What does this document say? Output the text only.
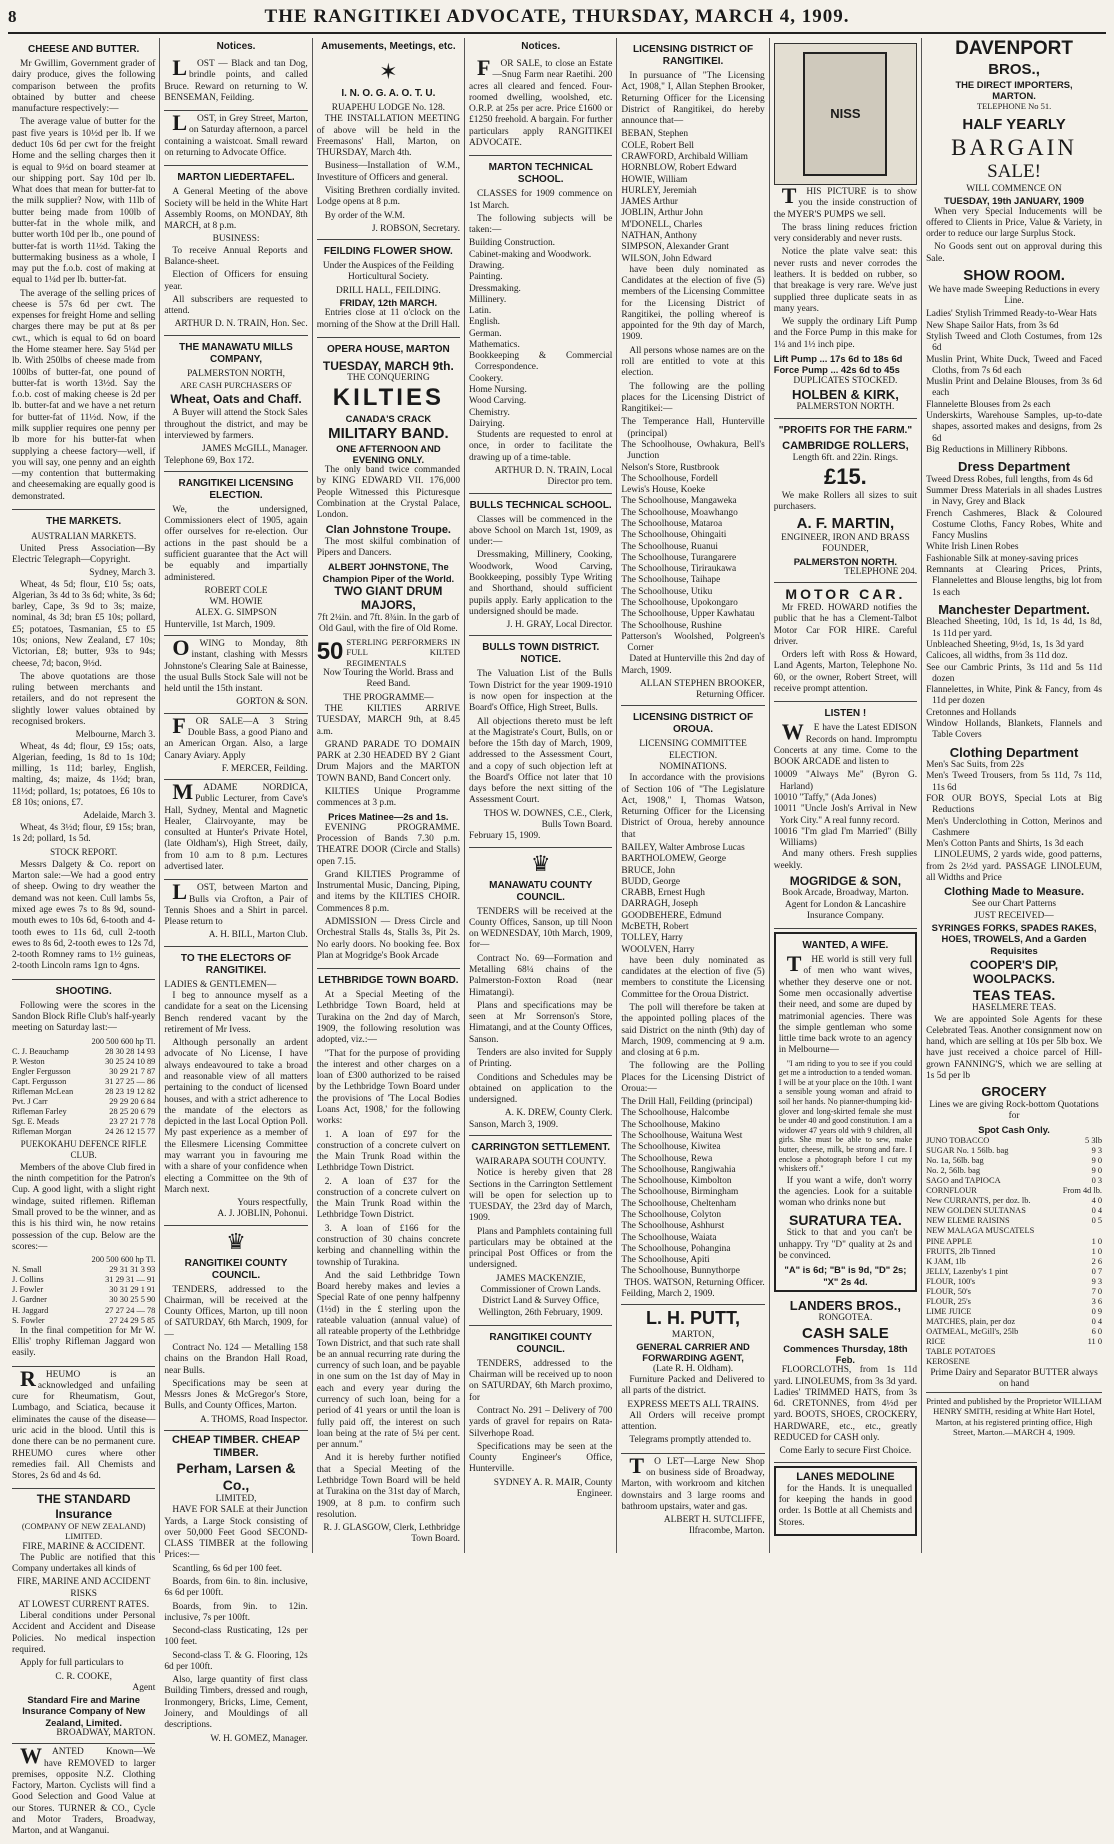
8	THE RANGITIKEI ADVOCATE, THURSDAY, MARCH 4, 1909.
CHEESE AND BUTTER.

Mr Gwillim, Government grader of dairy produce, gives the following comparison between the profits obtained by butter and cheese manufacture respectively:—

The average value of butter for the past five years is 10½d per lb. If we deduct 10s 6d per cwt for the freight Home and the selling charges then it is equal to 9½d on board steamer at our shipping port. Say 10d per lb. What does that mean for butter-fat to the milk supplier? Now, with 11lb of butter being made from 100lb of butter-fat in the whole milk, and butter worth 10d per lb., one pound of butter-fat is worth 11½d. Taking the buttermaking business as a whole, I may put the f.o.b. cost of making at equal to 1¼d per lb. butter-fat.

The average of the selling prices of cheese is 57s 6d per cwt. The expenses for freight Home and selling charges there may be put at 8s per cwt., which is equal to 6d on board the Home steamer here. Say 5¼d per lb. With 250lbs of cheese made from 100lbs of butter-fat, one pound of butter-fat is worth 13½d. Say the f.o.b. cost of making cheese is 2d per lb. butter-fat and we have a net return for butter-fat of 11½d. Now, if the milk supplier requires one penny per lb more for his butter-fat when supplying a cheese factory—well, if you will say, one penny and an eighth—my contention that buttermaking and cheesemaking are equally good is demonstrated.

THE MARKETS.
AUSTRALIAN MARKETS.

United Press Association—By Electric Telegraph—Copyright.

Sydney, March 3.

Wheat, 4s 5d; flour, £10 5s; oats, Algerian, 3s 4d to 3s 6d; white, 3s 6d; barley, Cape, 3s 9d to 3s; maize, nominal, 4s 3d; bran £5 10s; pollard, £5; potatoes, Tasmanian, £5 to £5 10s; onions, New Zealand, £7 10s; Victorian, £8; butter, 93s to 94s; cheese, 7d; bacon, 9½d.

The above quotations are those ruling between merchants and retailers, and do not represent the slightly lower values obtained by recognised brokers.

Melbourne, March 3.

Wheat, 4s 4d; flour, £9 15s; oats, Algerian, feeding, 1s 8d to 1s 10d; milling, 1s 11d; barley, English, malting, 4s; maize, 4s 1½d; bran, 11½d; pollard, 1s; potatoes, £6 10s to £8 10s; onions, £7.

Adelaide, March 3.

Wheat, 4s 3½d; flour, £9 15s; bran, 1s 2d; pollard, 1s 5d.

STOCK REPORT.

Messrs Dalgety & Co. report on Marton sale:—We had a good entry of sheep. Owing to dry weather the demand was not keen. Cull lambs 5s, mixed age ewes 7s to 8s 9d, sound-mouth ewes to 10s 6d, 6-tooth and 4-tooth ewes to 11s 6d, cull 2-tooth ewes to 8s 6d, 2-tooth ewes to 12s 7d, 2-tooth Romney rams to 1½ guineas, 2-tooth Lincoln rams 1gn to 4gns.

SHOOTING.

Following were the scores in the Sandon Block Rifle Club's half-yearly meeting on Saturday last:—

200 500 600 hp Tl.
C. J. Beauchamp	28 30 28 14 93
P. Weston	30 25 24 10 89
Engler Fergusson	30 29 21 7 87
Capt. Fergusson	31 27 25 — 86
Rifleman McLean	28 23 19 12 82
Pvt. J Carr	29 29 20 6 84
Rifleman Farley	28 25 20 6 79
Sgt. E. Meads	23 27 21 7 78
Rifleman Morgan	24 26 12 15 77
PUEKOKAHU DEFENCE RIFLE CLUB.

Members of the above Club fired in the ninth competition for the Patron's Cup. A good light, with a slight right windage, suited riflemen. Rifleman Small proved to be the winner, and as this is his third win, he now retains possession of the cup. Below are the scores:—

200 500 600 hp Tl.
N. Small	29 31 31 3 93
J. Collins	31 29 31 — 91
J. Fowler	30 31 29 1 91
J. Gardner	30 30 25 5 90
H. Jaggard	27 27 24 — 78
S. Fowler	27 24 29 5 85

In the final competition for Mr W. Ellis' trophy Rifleman Jaggard won easily.

RHEUMO is an acknowledged and unfailing cure for Rheumatism, Gout, Lumbago, and Sciatica, because it eliminates the cause of the disease—uric acid in the blood. Until this is done there can be no permanent cure. RHEUMO cures where other remedies fail. All Chemists and Stores, 2s 6d and 4s 6d.

THE STANDARD Insurance
(COMPANY OF NEW ZEALAND) LIMITED.
FIRE, MARINE & ACCIDENT.

The Public are notified that this Company undertakes all kinds of

FIRE, MARINE AND ACCIDENT RISKS
AT LOWEST CURRENT RATES.

Liberal conditions under Personal Accident and Accident and Disease Policies. No medical inspection required.

Apply for full particulars to

C. R. COOKE,
Agent
Standard Fire and Marine Insurance Company of New Zealand, Limited.
BROADWAY, MARTON.

WANTED Known—We have REMOVED to larger premises, opposite N.Z. Clothing Factory, Marton. Cyclists will find a Good Selection and Good Value at our Stores. TURNER & CO., Cycle and Motor Traders, Broadway, Marton, and at Wanganui.

Notices.

LOST — Black and tan Dog, brindle points, and called Bruce. Reward on returning to W. BENSEMAN, Feilding.

LOST, in Grey Street, Marton, on Saturday afternoon, a parcel containing a waistcoat. Small reward on returning to Advocate Office.

MARTON LIEDERTAFEL.

A General Meeting of the above Society will be held in the White Hart Assembly Rooms, on MONDAY, 8th MARCH, at 8 p.m.

BUSINESS:

To receive Annual Reports and Balance-sheet.

Election of Officers for ensuing year.

All subscribers are requested to attend.

ARTHUR D. N. TRAIN, Hon. Sec.
THE MANAWATU MILLS COMPANY,
PALMERSTON NORTH,
ARE CASH PURCHASERS OF
Wheat, Oats and Chaff.

A Buyer will attend the Stock Sales throughout the district, and may be interviewed by farmers.

JAMES McGILL, Manager.
Telephone 69, Box 172.
RANGITIKEI LICENSING ELECTION.

We, the undersigned, Commissioners elect of 1905, again offer ourselves for re-election. Our actions in the past should be a sufficient guarantee that the Act will be equably and impartially administered.

ROBERT COLE
WM. HOWIE
ALEX. G. SIMPSON
Hunterville, 1st March, 1909.

OWING to Monday, 8th instant, clashing with Messrs Johnstone's Clearing Sale at Bainesse, the usual Bulls Stock Sale will not be held until the 15th instant.

GORTON & SON.

FOR SALE—A 3 String Double Bass, a good Piano and an American Organ. Also, a large Canary Aviary. Apply

F. MERCER, Feilding.

MADAME NORDICA, Public Lecturer, from Cave's Hall, Sydney, Mental and Magnetic Healer, Clairvoyante, may be consulted at Hunter's Private Hotel, (late Oldham's), High Street, daily, from 10 a.m to 8 p.m. Lectures advertised later.

LOST, between Marton and Bulls via Crofton, a Pair of Tennis Shoes and a Shirt in parcel. Please return to

A. H. BILL, Marton Club.
TO THE ELECTORS OF RANGITIKEI.
LADIES & GENTLEMEN—

I beg to announce myself as a candidate for a seat on the Licensing Bench rendered vacant by the retirement of Mr Ivess.

Although personally an ardent advocate of No License, I have always endeavoured to take a broad and reasonable view of all matters pertaining to the conduct of licensed houses, and with a strict adherence to the mandate of the electors as depicted in the last Local Option Poll. My past experience as a member of the Ellesmere Licensing Committee may warrant you in favouring me with a share of your confidence when electing a Committee on the 9th of March next.

Yours respectfully,
A. J. JOBLIN, Pohonui.
♛
RANGITIKEI COUNTY COUNCIL.

TENDERS, addressed to the Chairman, will be received at the County Offices, Marton, up till noon of SATURDAY, 6th March, 1909, for—

Contract No. 124 — Metalling 158 chains on the Brandon Hall Road, near Bulls.

Specifications may be seen at Messrs Jones & McGregor's Store, Bulls, and County Offices, Marton.

A. THOMS, Road Inspector.
CHEAP TIMBER. CHEAP TIMBER.
Perham, Larsen & Co.,
LIMITED,

HAVE FOR SALE at their Junction Yards, a Large Stock consisting of over 50,000 Feet Good SECOND-CLASS TIMBER at the following Prices:—

Scantling, 6s 6d per 100 feet.

Boards, from 6in. to 8in. inclusive, 6s 6d per 100ft.

Boards, from 9in. to 12in. inclusive, 7s per 100ft.

Second-class Rusticating, 12s per 100 feet.

Second-class T. & G. Flooring, 12s 6d per 100ft.

Also, large quantity of first class Building Timbers, dressed and rough, Ironmongery, Bricks, Lime, Cement, Joinery, and Mouldings of all descriptions.

W. H. GOMEZ, Manager.
Amusements, Meetings, etc.
✶
I. N. O. G. A. O. T. U.
RUAPEHU LODGE No. 128.

THE INSTALLATION MEETING of above will be held in the Freemasons' Hall, Marton, on THURSDAY, March 4th.

Business—Installation of W.M., Investiture of Officers and general.

Visiting Brethren cordially invited. Lodge opens at 8 p.m.

By order of the W.M.

J. ROBSON, Secretary.
FEILDING FLOWER SHOW.

Under the Auspices of the Feilding Horticultural Society.

DRILL HALL, FEILDING.
FRIDAY, 12th MARCH.

Entries close at 11 o'clock on the morning of the Show at the Drill Hall.

OPERA HOUSE, MARTON
TUESDAY, MARCH 9th.
THE CONQUERING
KILTIES
CANADA'S CRACK
MILITARY BAND.
ONE AFTERNOON AND EVENING ONLY.

The only band twice commanded by KING EDWARD VII. 176,000 People Witnessed this Picturesque Combination at the Crystal Palace, London.

Clan Johnstone Troupe.

The most skilful combination of Pipers and Dancers.

ALBERT JOHNSTONE, The Champion Piper of the World.
TWO GIANT DRUM MAJORS,

7ft 2¼in. and 7ft. 8¾in. In the garb of Old Gaul, with the fire of Old Rome.

50 STERLING PERFORMERS IN FULL KILTED REGIMENTALS

Now Touring the World. Brass and Reed Band.

THE PROGRAMME—

THE KILTIES ARRIVE TUESDAY, MARCH 9th, at 8.45 a.m.

GRAND PARADE TO DOMAIN PARK at 2.30 HEADED BY 2 Giant Drum Majors and the MARTON TOWN BAND, Band Concert only.

KILTIES Unique Programme commences at 3 p.m.

Prices Matinee—2s and 1s.

EVENING PROGRAMME. Procession of Bands 7.30 p.m. THEATRE DOOR (Circle and Stalls) open 7.15.

Grand KILTIES Programme of Instrumental Music, Dancing, Piping, and items by the KILTIES CHOIR. Commences 8 p.m.

ADMISSION — Dress Circle and Orchestral Stalls 4s, Stalls 3s, Pit 2s. No early doors. No booking fee. Box Plan at Mogridge's Book Arcade

LETHBRIDGE TOWN BOARD.

At a Special Meeting of the Lethbridge Town Board, held at Turakina on the 2nd day of March, 1909, the following resolution was adopted, viz.:—

"That for the purpose of providing the interest and other charges on a loan of £300 authorized to be raised by the Lethbridge Town Board under the provisions of 'The Local Bodies Loans Act, 1908,' for the following works:

1. A loan of £97 for the construction of a concrete culvert on the Main Trunk Road within the Lethbridge Town District.

2. A loan of £37 for the construction of a concrete culvert on the Main Trunk Road within the Lethbridge Town District.

3. A loan of £166 for the construction of 30 chains concrete kerbing and channelling within the township of Turakina.

And the said Lethbridge Town Board hereby makes and levies a Special Rate of one penny halfpenny (1½d) in the £ sterling upon the rateable valuation (annual value) of all rateable property of the Lethbridge Town District, and that such rate shall be an annual recurring rate during the currency of such loan, and be payable in one sum on the 1st day of May in each and every year during the currency of such loan, being for a period of 41 years or until the loan is fully paid off, the interest on such loan being at the rate of 5¼ per cent. per annum."

And it is hereby further notified that a Special Meeting of the Lethbridge Town Board will be held at Turakina on the 31st day of March, 1909, at 8 p.m. to confirm such resolution.

R. J. GLASGOW, Clerk, Lethbridge Town Board.
Notices.

FOR SALE, to close an Estate—Snug Farm near Raetihi. 200 acres all cleared and fenced. Four-roomed dwelling, woolshed, etc. O.R.P. at 25s per acre. Price £1600 or £1250 freehold. A bargain. For further particulars apply RANGITIKEI ADVOCATE.

MARTON TECHNICAL SCHOOL.

CLASSES for 1909 commence on 1st March.

The following subjects will be taken:—

Building Construction.
Cabinet-making and Woodwork.
Drawing.
Painting.
Dressmaking.
Millinery.
Latin.
English.
German.
Mathematics.
Bookkeeping & Commercial Correspondence.
Cookery.
Home Nursing.
Wood Carving.
Chemistry.
Dairying.

Students are requested to enrol at once, in order to facilitate the drawing up of a time-table.

ARTHUR D. N. TRAIN, Local Director pro tem.
BULLS TECHNICAL SCHOOL.

Classes will be commenced in the above School on March 1st, 1909, as under:—

Dressmaking, Millinery, Cooking, Woodwork, Wood Carving, Bookkeeping, possibly Type Writing and Shorthand, should sufficient pupils apply. Early application to the undersigned should be made.

J. H. GRAY, Local Director.
BULLS TOWN DISTRICT. NOTICE.

The Valuation List of the Bulls Town District for the year 1909-1910 is now open for inspection at the Board's Office, High Street, Bulls.

All objections thereto must be left at the Magistrate's Court, Bulls, on or before the 15th day of March, 1909, addressed to the Assessment Court, and a copy of such objection left at the Board's Office not later that 10 days before the next sitting of the Assessment Court.

THOS W. DOWNES, C.E., Clerk, Bulls Town Board.
February 15, 1909.
♛
MANAWATU COUNTY COUNCIL.

TENDERS will be received at the County Offices, Sanson, up till Noon on WEDNESDAY, 10th March, 1909, for—

Contract No. 69—Formation and Metalling 68¼ chains of the Palmerston-Foxton Road (near Himatangi).

Plans and specifications may be seen at Mr Sorrenson's Store, Himatangi, and at the County Offices, Sanson.

Tenders are also invited for Supply of Printing.

Conditions and Schedules may be obtained on application to the undersigned.

A. K. DREW, County Clerk.
Sanson, March 3, 1909.
CARRINGTON SETTLEMENT.
WAIRARAPA SOUTH COUNTY.

Notice is hereby given that 28 Sections in the Carrington Settlement will be open for selection up to TUESDAY, the 23rd day of March, 1909.

Plans and Pamphlets containing full particulars may be obtained at the principal Post Offices or from the undersigned.

JAMES MACKENZIE, Commissioner of Crown Lands. District Land & Survey Office, Wellington, 26th February, 1909.

RANGITIKEI COUNTY COUNCIL.

TENDERS, addressed to the Chairman will be received up to noon on SATURDAY, 6th March proximo, for

Contract No. 291 – Delivery of 700 yards of gravel for repairs on Rata-Silverhope Road.

Specifications may be seen at the County Engineer's Office, Hunterville.

SYDNEY A. R. MAIR, County Engineer.
LICENSING DISTRICT OF RANGITIKEI.

In pursuance of "The Licensing Act, 1908," I, Allan Stephen Brooker, Returning Officer for the Licensing District of Rangitikei, do hereby announce that—

BEBAN, Stephen
COLE, Robert Bell
CRAWFORD, Archibald William
HORNBLOW, Robert Edward
HOWIE, William
HURLEY, Jeremiah
JAMES Arthur
JOBLIN, Arthur John
M'DONELL, Charles
NATHAN, Anthony
SIMPSON, Alexander Grant
WILSON, John Edward

have been duly nominated as Candidates at the election of five (5) members of the Licensing Committee for the Licensing District of Rangitikei, the polling whereof is appointed for the 9th day of March, 1909.

All persons whose names are on the roll are entitled to vote at this election.

The following are the polling places for the Licensing District of Rangitikei:—

The Temperance Hall, Hunterville (principal)
The Schoolhouse, Owhakura, Bell's Junction
Nelson's Store, Rustbrook
The Schoolhouse, Fordell
Lewis's House, Koeke
The Schoolhouse, Mangaweka
The Schoolhouse, Moawhango
The Schoolhouse, Mataroa
The Schoolhouse, Ohingaiti
The Schoolhouse, Ruanui
The Schoolhouse, Turangarere
The Schoolhouse, Tiriraukawa
The Schoolhouse, Taihape
The Schoolhouse, Utiku
The Schoolhouse, Upokongaro
The Schoolhouse, Upper Kawhatau
The Schoolhouse, Rushine
Patterson's Woolshed, Polgreen's Corner

Dated at Hunterville this 2nd day of March, 1909.

ALLAN STEPHEN BROOKER, Returning Officer.
LICENSING DISTRICT OF OROUA.
LICENSING COMMITTEE ELECTION.
NOMINATIONS.

In accordance with the provisions of Section 106 of "The Legislature Act, 1908," I, Thomas Watson, Returning Officer for the Licensing District of Oroua, hereby announce that

BAILEY, Walter Ambrose Lucas
BARTHOLOMEW, George
BRUCE, John
BUDD, George
CRABB, Ernest Hugh
DARRAGH, Joseph
GOODBEHERE, Edmund
McBETH, Robert
TOLLEY, Harry
WOOLVEN, Harry

have been duly nominated as candidates at the election of five (5) members to constitute the Licensing Committee for the Oroua District.

The poll will therefore be taken at the appointed polling places of the said District on the ninth (9th) day of March, 1909, commencing at 9 a.m. and closing at 6 p.m.

The following are the Polling Places for the Licensing District of Oroua:—

The Drill Hall, Feilding (principal)
The Schoolhouse, Halcombe
The Schoolhouse, Makino
The Schoolhouse, Waituna West
The Schoolhouse, Kiwitea
The Schoolhouse, Rewa
The Schoolhouse, Rangiwahia
The Schoolhouse, Kimbolton
The Schoolhouse, Birmingham
The Schoolhouse, Cheltenham
The Schoolhouse, Colyton
The Schoolhouse, Ashhurst
The Schoolhouse, Waiata
The Schoolhouse, Pohangina
The Schoolhouse, Apiti
The Schoolhouse, Bunnythorpe
THOS. WATSON, Returning Officer.
Feilding, March 2, 1909.
L. H. PUTT,
MARTON,
GENERAL CARRIER AND FORWARDING AGENT,
(Late R. H. Oldham).

Furniture Packed and Delivered to all parts of the district.

EXPRESS MEETS ALL TRAINS.

All Orders will receive prompt attention.

Telegrams promptly attended to.

TO LET—Large New Shop on business side of Broadway, Marton, with workroom and kitchen downstairs and 3 large rooms and bathroom upstairs, water and gas.

ALBERT H. SUTCLIFFE, Ilfracombe, Marton.
NISS

THIS PICTURE is to show you the inside construction of the MYER'S PUMPS we sell.

The brass lining reduces friction very considerably and never rusts.

Notice the plate valve seat: this never rusts and never corrodes the leathers. It is bedded on rubber, so that breakage is very rare. We've just supplied three duplicate seats in as many years.

We supply the ordinary Lift Pump and the Force Pump in this make for 1¼ and 1½ inch pipe.

Lift Pump ... 17s 6d to 18s 6d
Force Pump ... 42s 6d to 45s
DUPLICATES STOCKED.
HOLBEN & KIRK,
PALMERSTON NORTH.
"PROFITS FOR THE FARM."
CAMBRIDGE ROLLERS,
Length 6ft. and 22in. Rings.
£15.

We make Rollers all sizes to suit purchasers.

A. F. MARTIN,
ENGINEER, IRON AND BRASS FOUNDER,
PALMERSTON NORTH.
TELEPHONE 204.
MOTOR CAR.

Mr FRED. HOWARD notifies the public that he has a Clement-Talbot Motor Car FOR HIRE. Careful driver.

Orders left with Ross & Howard, Land Agents, Marton, Telephone No. 60, or the owner, Robert Street, will receive prompt attention.

LISTEN !

WE have the Latest EDISON Records on hand. Impromptu Concerts at any time. Come to the BOOK ARCADE and listen to

10009 "Always Me" (Byron G. Harland)
10010 "Taffy," (Ada Jones)
10011 "Uncle Josh's Arrival in New York City." A real funny record.
10016 "I'm glad I'm Married" (Billy Williams)

And many others. Fresh supplies weekly.

MOGRIDGE & SON,

Book Arcade, Broadway, Marton. Agent for London & Lancashire Insurance Company.

WANTED, A WIFE.

THE world is still very full of men who want wives, whether they deserve one or not. Some men occasionally advertise their need, and some are duped by matrimonial agencies. There was the simple gentleman who some little time back wrote to an agency in Melbourne—

"I am riding to you to see if you could get me a introduction to a tended woman. I will be at your place on the 10th. I want a sensible young woman and afraid to soil her hands. No pianner-thumping kid-glover and long-skirted female she must be under 40 and good constitution. I am a widower 47 years old with 9 children, all girls. She must be able to sew, make butter, cheese, milk, be strong and fare. I enclose a photograph before I cut my whiskers off."

If you want a wife, don't worry the agencies. Look for a suitable woman who drinks none but

SURATURA TEA.

Stick to that and you can't be unhappy. Try "D" quality at 2s and be convinced.

"A" is 6d; "B" is 9d, "D" 2s; "X" 2s 4d.
LANDERS BROS.,
RONGOTEA.
CASH SALE
Commences Thursday, 18th Feb.

FLOORCLOTHS, from 1s 11d yard. LINOLEUMS, from 3s 3d yard. Ladies' TRIMMED HATS, from 3s 6d. CRETONNES, from 4½d per yard. BOOTS, SHOES, CROCKERY, HARDWARE, etc., etc., greatly REDUCED for CASH only.

Come Early to secure First Choice.
LANES MEDOLINE

for the Hands. It is unequalled for keeping the hands in good order. 1s Bottle at all Chemists and Stores.

DAVENPORT
BROS.,
THE DIRECT IMPORTERS,
MARTON.
TELEPHONE No 51.
HALF YEARLY
BARGAIN
SALE!
WILL COMMENCE ON
TUESDAY, 19th JANUARY, 1909

When very Special Inducements will be offered to Clients in Price, Value & Variety, in order to reduce our large Surplus Stock.

No Goods sent out on approval during this Sale.

SHOW ROOM.

We have made Sweeping Reductions in every Line.

Ladies' Stylish Trimmed Ready-to-Wear Hats
New Shape Sailor Hats, from 3s 6d
Stylish Tweed and Cloth Costumes, from 12s 6d
Muslin Print, White Duck, Tweed and Faced Cloths, from 7s 6d each
Muslin Print and Delaine Blouses, from 3s 6d each
Flannelette Blouses from 2s each
Underskirts, Warehouse Samples, up-to-date shapes, assorted makes and designs, from 2s 6d
Big Reductions in Millinery Ribbons.
Dress Department
Tweed Dress Robes, full lengths, from 4s 6d
Summer Dress Materials in all shades Lustres in Navy, Grey and Black
French Cashmeres, Black & Coloured Costume Cloths, Fancy Robes, White and Fancy Muslins
White Irish Linen Robes
Fashionable Silk at money-saving prices
Remnants at Clearing Prices, Prints, Flannelettes and Blouse lengths, big lot from 1s each
Manchester Department.
Bleached Sheeting, 10d, 1s 1d, 1s 4d, 1s 8d, 1s 11d per yard.
Unbleached Sheeting, 9½d, 1s, 1s 3d yard
Calicoes, all widths, from 3s 11d doz.
See our Cambric Prints, 3s 11d and 5s 11d dozen
Flannelettes, in White, Pink & Fancy, from 4s 11d per dozen
Cretonnes and Hollands
Window Hollands, Blankets, Flannels and Table Covers
Clothing Department
Men's Sac Suits, from 22s
Men's Tweed Trousers, from 5s 11d, 7s 11d, 11s 6d
FOR OUR BOYS, Special Lots at Big Reductions
Men's Underclothing in Cotton, Merinos and Cashmere
Men's Cotton Pants and Shirts, 1s 3d each

LINOLEUMS, 2 yards wide, good patterns, from 2s 2½d yard. PASSAGE LINOLEUM, all Widths and Price

Clothing Made to Measure.
See our Chart Patterns
JUST RECEIVED—

SYRINGES FORKS, SPADES RAKES, HOES, TROWELS, And a Garden Requisites

COOPER'S DIP,
WOOLPACKS.
TEAS TEAS.
HASELMERE TEAS.

We are appointed Sole Agents for these Celebrated Teas. Another consignment now on hand, which are selling at 10s per 5lb box. We have just received a choice parcel of Hill-grown FANNING'S, which we are selling at 1s 5d per lb

GROCERY

Lines we are giving Rock-bottom Quotations for

Spot Cash Only.
JUNO TOBACCO	5 3lb
SUGAR No. 1 56lb. bag	9 3
No. 1a, 56lb. bag	9 0
No. 2, 56lb. bag	9 0
SAGO and TAPIOCA	0 3
CORNFLOUR	From 4d lb.
New CURRANTS, per doz. lb.	4 0
NEW GOLDEN SULTANAS	0 4
NEW ELEME RAISINS	0 5
NEW MALAGA MUSCATELS
PINE APPLE	1 0
FRUITS, 2lb Tinned	1 0
K JAM, 1lb	2 6
JELLY, Lazenby's 1 pint	0 7
FLOUR, 100's	9 3
FLOUR, 50's	7 0
FLOUR, 25's	3 6
LIME JUICE	0 9
MATCHES, plain, per doz	0 4
OATMEAL, McGill's, 25lb	6 0
RICE	11 0
TABLE POTATOES
KEROSENE

Prime Dairy and Separator BUTTER always on hand

Printed and published by the Proprietor WILLIAM HENRY SMITH, residing at White Hart Hotel, Marton, at his registered printing office, High Street, Marton.—MARCH 4, 1909.
